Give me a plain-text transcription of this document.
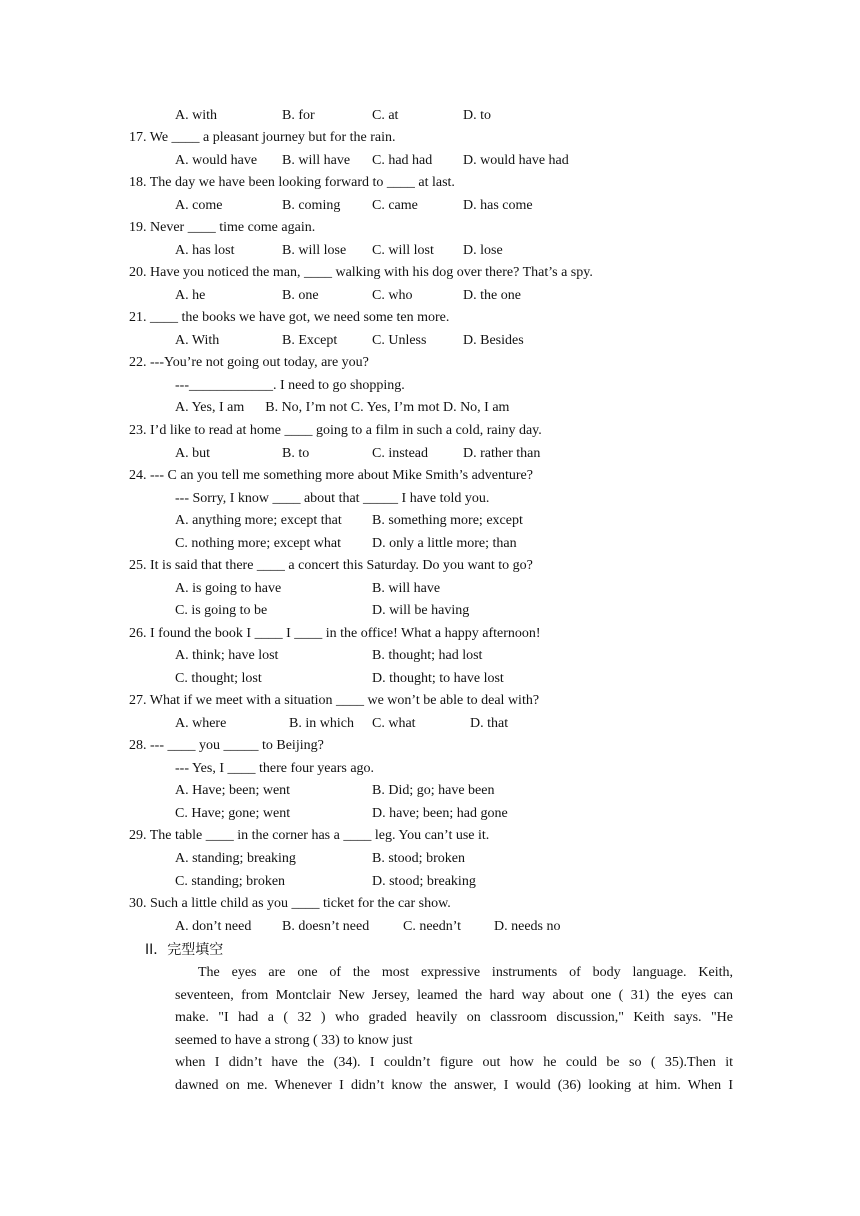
A. with	B. for	C. at	D. to
17. We ____ a pleasant journey but for the rain.
A. would have B. will have C. had had D. would have had
18. The day we have been looking forward to ____ at last.
A. come	B. coming C. came	D. has come
19. Never ____ time come again.
A. has lost	B. will lose C. will lost D. lose
20. Have you noticed the man, ____ walking with his dog over there? That’s a spy.
A. he	B. one	C. who	D. the one
21. ____ the books we have got, we need some ten more.
A. With	B. Except C. Unless	D. Besides
22. ---You’re not going out today, are you?
---____________. I need to go shopping.
A. Yes, I am      B. No, I’m not C. Yes, I’m mot D. No, I am
23. I’d like to read at home ____ going to a film in such a cold, rainy day.
A. but	B. to	C. instead	D. rather than
24. --- C an you tell me something more about Mike Smith’s adventure?
--- Sorry, I know ____ about that _____ I have told you.
A. anything more; except that B. something more; except
C. nothing more; except what D. only a little more; than
25. It is said that there ____ a concert this Saturday. Do you want to go?
A. is going to have	B. will have
C. is going to be	D. will be having
26. I found the book I ____ I ____ in the office! What a happy afternoon!
A. think; have lost	B. thought; had lost
C. thought; lost	D. thought; to have lost
27. What if we meet with a situation ____ we won’t be able to deal with?
A. where	B. in which C. what	D. that
28. --- ____ you _____ to Beijing?
--- Yes, I ____ there four years ago.
A. Have; been; went	B. Did; go; have been
C. Have; gone; went	D. have; been; had gone
29. The table ____ in the corner has a ____ leg. You can’t use it.
A. standing; breaking	B. stood; broken
C. standing; broken	D. stood; breaking
30. Such a little child as you ____ ticket for the car show.
A. don’t need B. doesn’t need C. needn’t D. needs no
II．完型填空
The eyes are one of the most expressive instruments of body language. Keith,
seventeen, from Montclair New Jersey, leamed the hard way about one ( 31) the eyes can
make. "I had a ( 32 ) who graded heavily on classroom discussion," Keith says. "He
seemed to have a strong ( 33) to know just
when I didn’t have the (34). I couldn’t figure out how he could be so ( 35).Then it
dawned on me. Whenever I didn’t know the answer, I would (36) looking at him. When I
